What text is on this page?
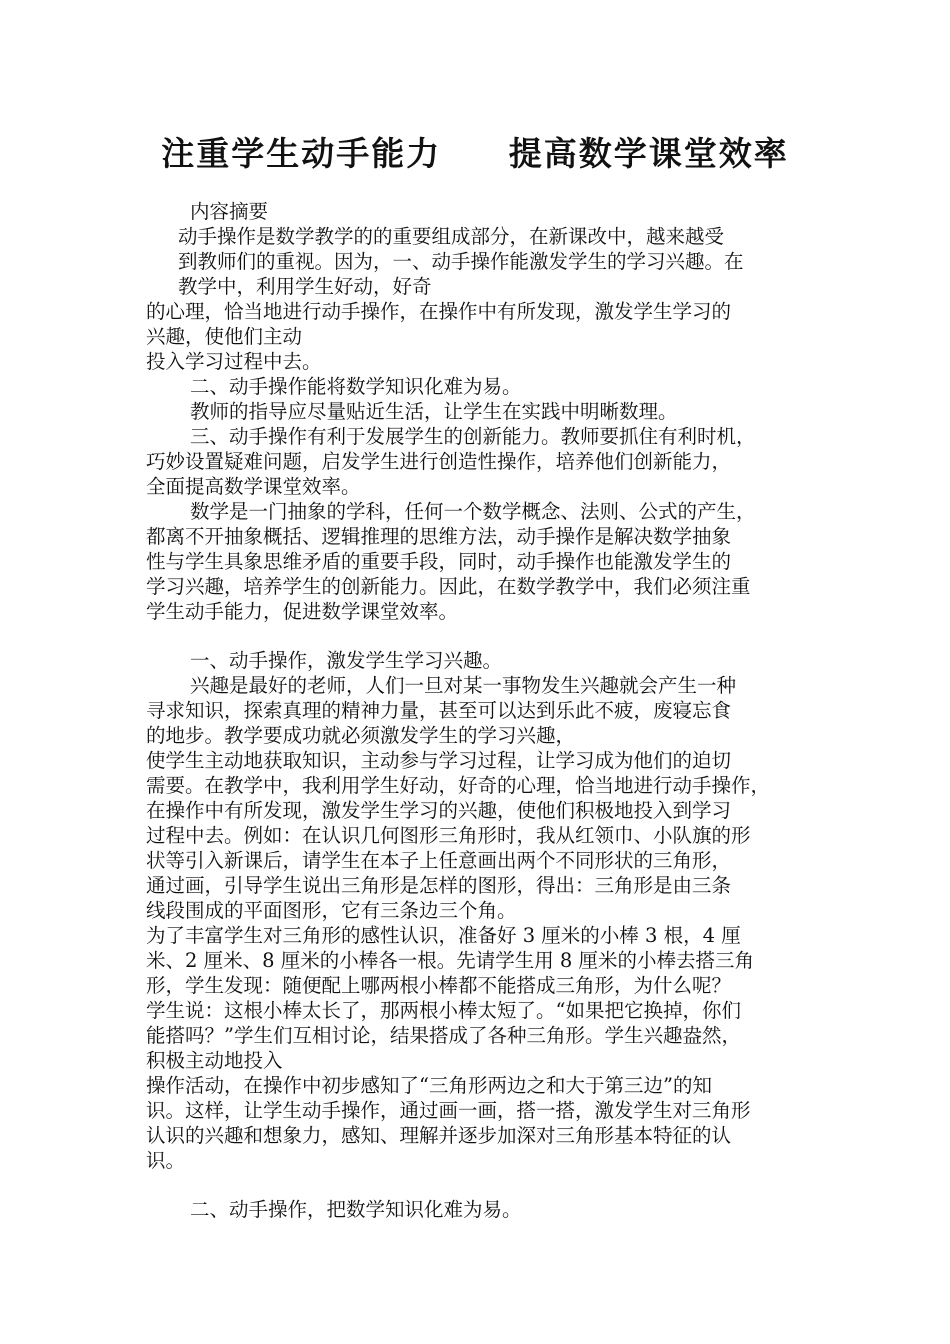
注重学生动手能力     提高数学课堂效率

内容摘要

动手操作是数学教学的的重要组成部分，在新课改中，越来越受

到教师们的重视。因为，一、动手操作能激发学生的学习兴趣。在

教学中，利用学生好动，好奇

的心理，恰当地进行动手操作，在操作中有所发现，激发学生学习的

兴趣，使他们主动

投入学习过程中去。

二、动手操作能将数学知识化难为易。

教师的指导应尽量贴近生活，让学生在实践中明晰数理。

三、动手操作有利于发展学生的创新能力。教师要抓住有利时机，

巧妙设置疑难问题，启发学生进行创造性操作，培养他们创新能力，

全面提高数学课堂效率。

数学是一门抽象的学科，任何一个数学概念、法则、公式的产生，

都离不开抽象概括、逻辑推理的思维方法，动手操作是解决数学抽象

性与学生具象思维矛盾的重要手段，同时，动手操作也能激发学生的

学习兴趣，培养学生的创新能力。因此，在数学教学中，我们必须注重

学生动手能力，促进数学课堂效率。

一、动手操作，激发学生学习兴趣。

兴趣是最好的老师，人们一旦对某一事物发生兴趣就会产生一种

寻求知识，探索真理的精神力量，甚至可以达到乐此不疲，废寝忘食

的地步。教学要成功就必须激发学生的学习兴趣，

使学生主动地获取知识，主动参与学习过程，让学习成为他们的迫切

需要。在教学中，我利用学生好动，好奇的心理，恰当地进行动手操作，

在操作中有所发现，激发学生学习的兴趣，使他们积极地投入到学习

过程中去。例如：在认识几何图形三角形时，我从红领巾、小队旗的形

状等引入新课后，请学生在本子上任意画出两个不同形状的三角形，

通过画，引导学生说出三角形是怎样的图形，得出：三角形是由三条

线段围成的平面图形，它有三条边三个角。

为了丰富学生对三角形的感性认识，准备好 3 厘米的小棒 3 根，4 厘

米、2 厘米、8 厘米的小棒各一根。先请学生用 8 厘米的小棒去搭三角

形，学生发现：随便配上哪两根小棒都不能搭成三角形，为什么呢？

学生说：这根小棒太长了，那两根小棒太短了。“如果把它换掉，你们

能搭吗？”学生们互相讨论，结果搭成了各种三角形。学生兴趣盎然，

积极主动地投入

操作活动，在操作中初步感知了“三角形两边之和大于第三边”的知

识。这样，让学生动手操作，通过画一画，搭一搭，激发学生对三角形

认识的兴趣和想象力，感知、理解并逐步加深对三角形基本特征的认

识。

二、动手操作，把数学知识化难为易。
